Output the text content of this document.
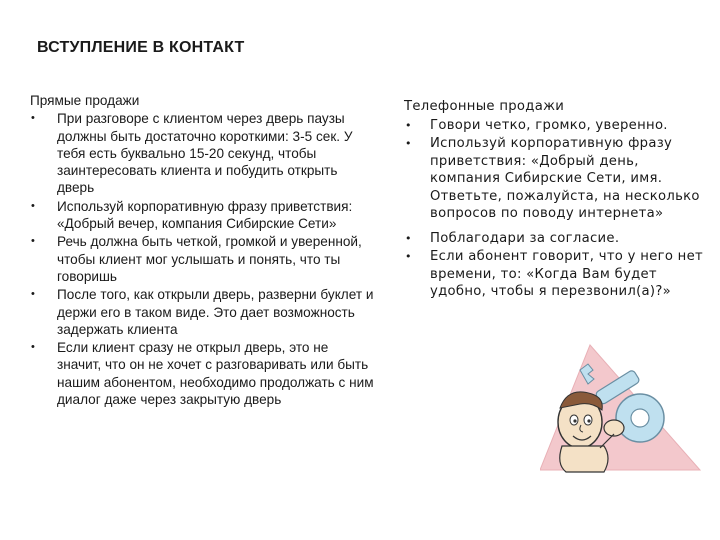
ВСТУПЛЕНИЕ В КОНТАКТ
Прямые продажи
• При разговоре с клиентом через дверь паузы должны быть достаточно короткими: 3-5 сек. У тебя есть буквально 15-20 секунд, чтобы заинтересовать клиента и побудить открыть дверь
• Используй корпоративную фразу приветствия: «Добрый вечер, компания Сибирские Сети»
• Речь должна быть четкой, громкой и уверенной, чтобы клиент мог услышать и понять, что ты говоришь
• После того, как открыли дверь, разверни буклет и держи его в таком виде. Это дает возможность задержать клиента
• Если клиент сразу не открыл дверь, это не значит, что он не хочет с разговаривать или быть нашим абонентом, необходимо продолжать с ним диалог даже через закрытую дверь
Телефонные продажи
• Говори четко, громко, уверенно.
• Используй корпоративную фразу приветствия: «Добрый день, компания Сибирские Сети, имя. Ответьте, пожалуйста, на несколько вопросов по поводу интернета»
• Поблагодари за согласие.
• Если абонент говорит, что у него нет времени, то: «Когда Вам будет удобно, чтобы я перезвонил(а)?»
